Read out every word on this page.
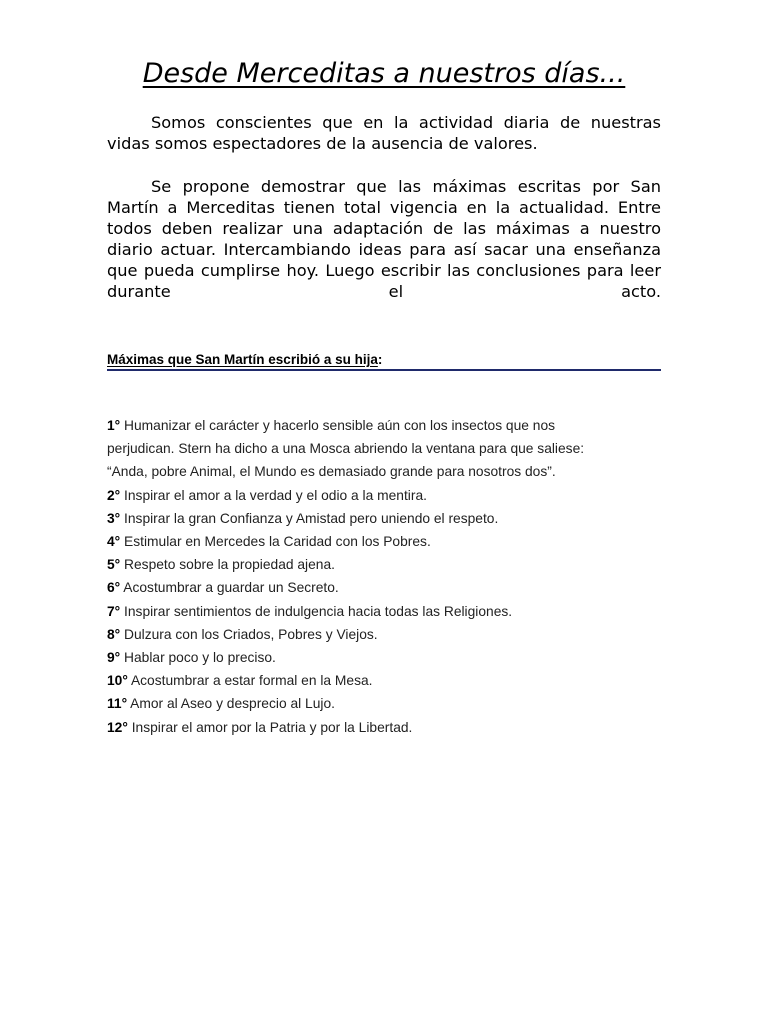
Desde Merceditas a nuestros días...

Somos conscientes que en la actividad diaria de nuestras vidas somos espectadores de la ausencia de valores.

Se propone demostrar que las máximas escritas por San Martín a Merceditas tienen total vigencia en la actualidad. Entre todos deben realizar una adaptación de las máximas a nuestro diario actuar. Intercambiando ideas para así sacar una enseñanza que pueda cumplirse hoy. Luego escribir las conclusiones para leer durante el acto.

Máximas que San Martín escribió a su hija:
1° Humanizar el carácter y hacerlo sensible aún con los insectos que nos
perjudican. Stern ha dicho a una Mosca abriendo la ventana para que saliese:
“Anda, pobre Animal, el Mundo es demasiado grande para nosotros dos”.
2° Inspirar el amor a la verdad y el odio a la mentira.
3° Inspirar la gran Confianza y Amistad pero uniendo el respeto.
4° Estimular en Mercedes la Caridad con los Pobres.
5° Respeto sobre la propiedad ajena.
6° Acostumbrar a guardar un Secreto.
7° Inspirar sentimientos de indulgencia hacia todas las Religiones.
8° Dulzura con los Criados, Pobres y Viejos.
9° Hablar poco y lo preciso.
10° Acostumbrar a estar formal en la Mesa.
11° Amor al Aseo y desprecio al Lujo.
12° Inspirar el amor por la Patria y por la Libertad.
